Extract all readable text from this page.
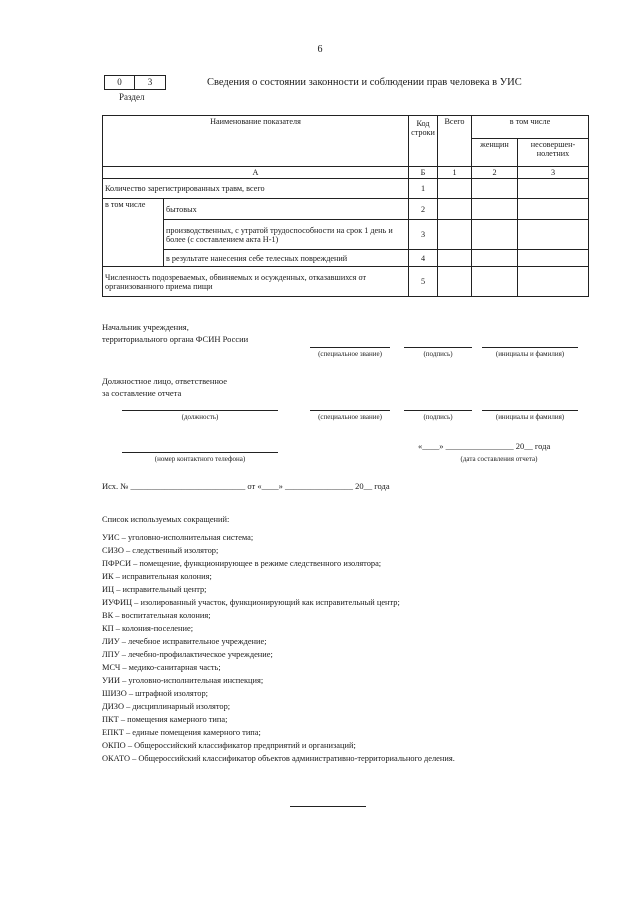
6
0	3
Раздел
Сведения о состоянии законности и соблюдении прав человека в УИС
Наименование показателя		Код строки	Всего	в том числе	
				женщин	несовершен-нолетних
А		Б	1	2	3
Количество зарегистрированных травм, всего		1			
в том числе	бытовых	2			
	производственных, с утратой трудоспособности на срок 1 день и более (с составлением акта Н-1)	3			
	в результате нанесения себе телесных повреждений	4			
Численность подозреваемых, обвиняемых и осужденных, отказавшихся от организованного приема пищи		5			
Начальник учреждения,
территориального органа ФСИН России
(специальное звание)	(подпись)	(инициалы и фамилия)
Должностное лицо, ответственное
за составление отчета
(должность)	(специальное звание)	(подпись)	(инициалы и фамилия)
(номер контактного телефона)
«____» ________________ 20__ года
(дата составления отчета)
Исх. № ___________________________ от «____» ________________ 20__ года
Список используемых сокращений:
УИС – уголовно-исполнительная система;
СИЗО – следственный изолятор;
ПФРСИ – помещение, функционирующее в режиме следственного изолятора;
ИК – исправительная колония;
ИЦ – исправительный центр;
ИУФИЦ – изолированный участок, функционирующий как исправительный центр;
ВК – воспитательная колония;
КП – колония-поселение;
ЛИУ – лечебное исправительное учреждение;
ЛПУ – лечебно-профилактическое учреждение;
МСЧ – медико-санитарная часть;
УИИ – уголовно-исполнительная инспекция;
ШИЗО – штрафной изолятор;
ДИЗО – дисциплинарный изолятор;
ПКТ – помещения камерного типа;
ЕПКТ – единые помещения камерного типа;
ОКПО – Общероссийский классификатор предприятий и организаций;
ОКАТО – Общероссийский классификатор объектов административно-территориального деления.
